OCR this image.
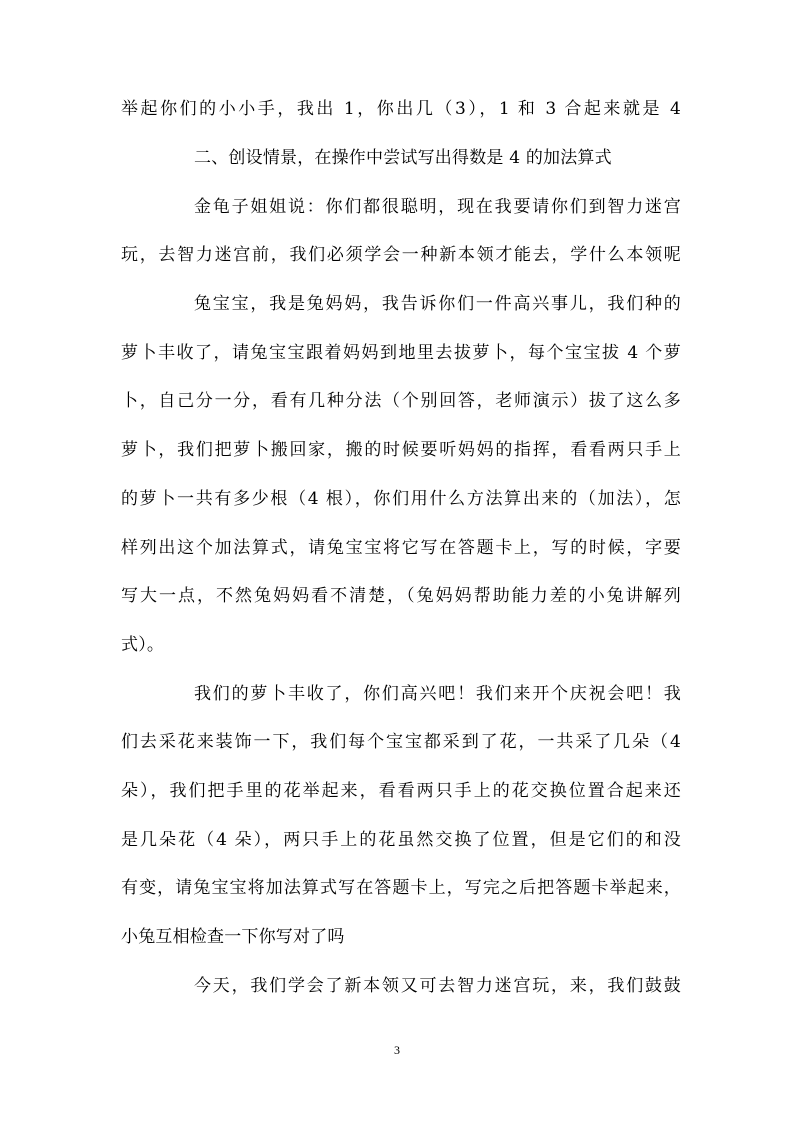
举起你们的小小手，我出 1，你出几（3），1 和 3 合起来就是 4
二、创设情景，在操作中尝试写出得数是 4 的加法算式
金龟子姐姐说：你们都很聪明，现在我要请你们到智力迷宫
玩，去智力迷宫前，我们必须学会一种新本领才能去，学什么本领呢
兔宝宝，我是兔妈妈，我告诉你们一件高兴事儿，我们种的
萝卜丰收了，请兔宝宝跟着妈妈到地里去拔萝卜，每个宝宝拔 4 个萝
卜，自己分一分，看有几种分法（个别回答，老师演示）拔了这么多
萝卜，我们把萝卜搬回家，搬的时候要听妈妈的指挥，看看两只手上
的萝卜一共有多少根（4 根），你们用什么方法算出来的（加法），怎
样列出这个加法算式，请兔宝宝将它写在答题卡上，写的时候，字要
写大一点，不然兔妈妈看不清楚，（兔妈妈帮助能力差的小兔讲解列
式）。
我们的萝卜丰收了，你们高兴吧！我们来开个庆祝会吧！我
们去采花来装饰一下，我们每个宝宝都采到了花，一共采了几朵（4
朵），我们把手里的花举起来，看看两只手上的花交换位置合起来还
是几朵花（4 朵），两只手上的花虽然交换了位置，但是它们的和没
有变，请兔宝宝将加法算式写在答题卡上，写完之后把答题卡举起来，
小兔互相检查一下你写对了吗
今天，我们学会了新本领又可去智力迷宫玩，来，我们鼓鼓
3
